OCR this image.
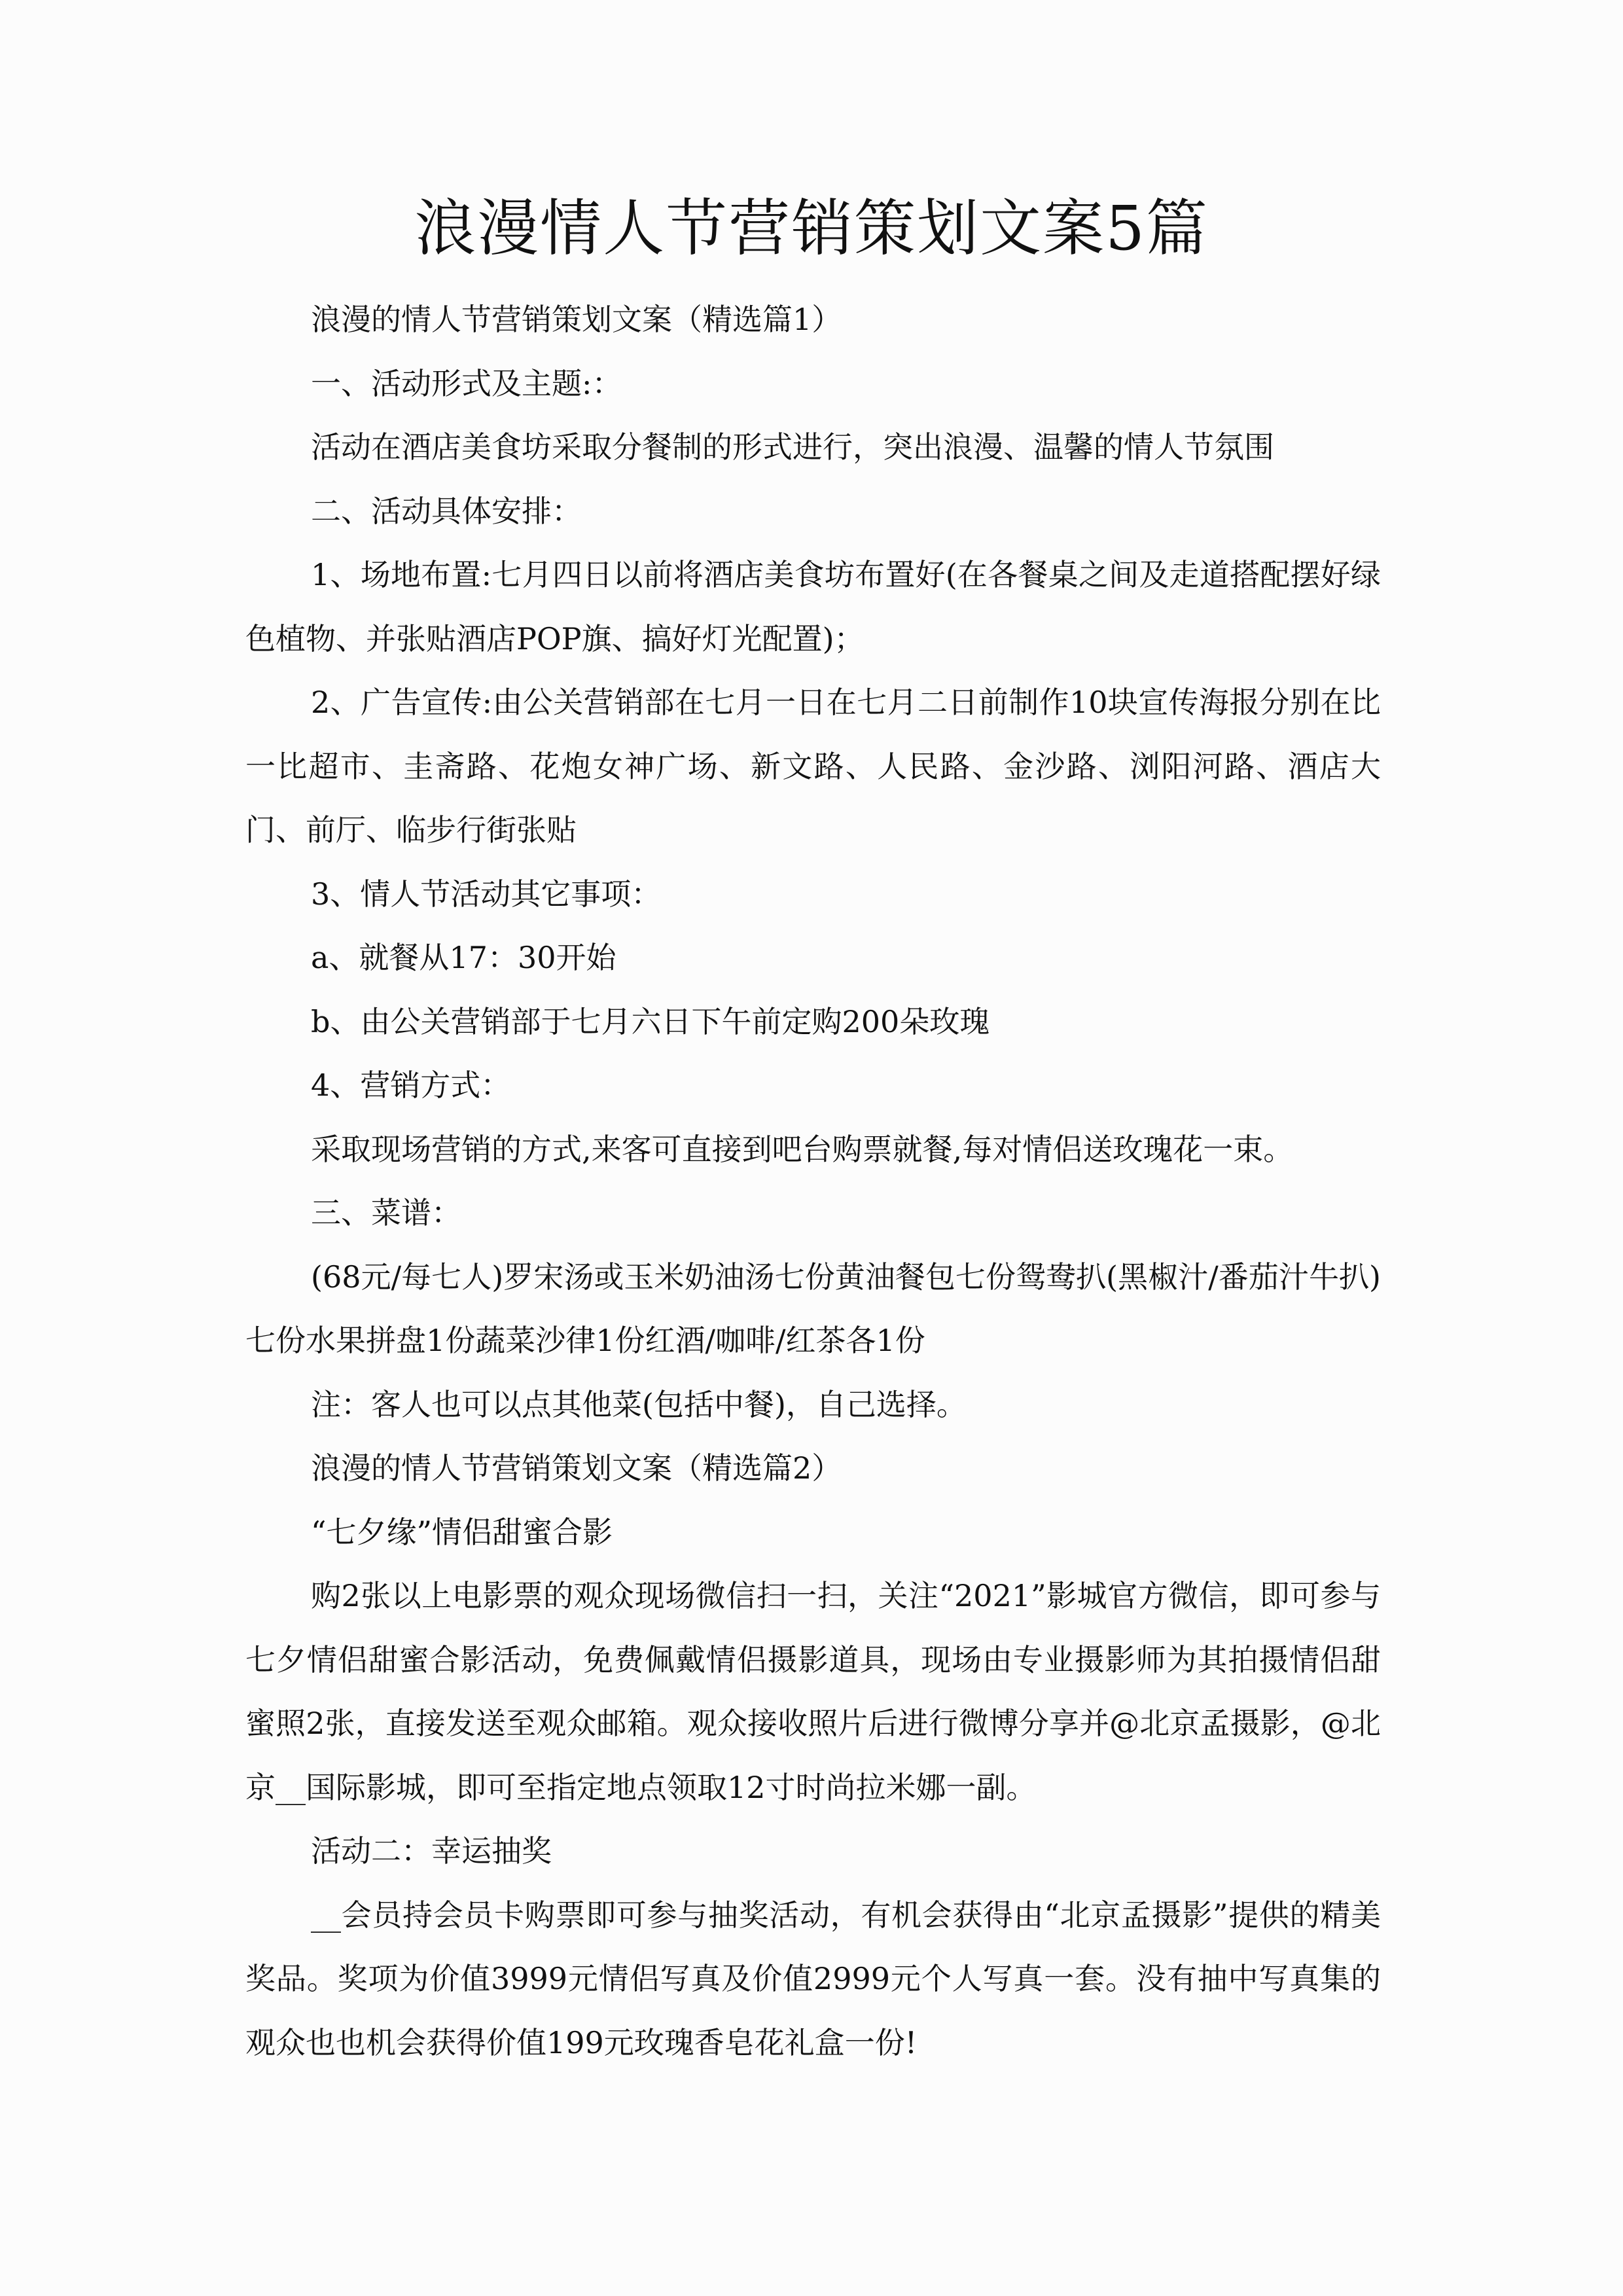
浪漫情人节营销策划文案5篇

浪漫的情人节营销策划文案（精选篇1）

一、活动形式及主题:：

活动在酒店美食坊采取分餐制的形式进行，突出浪漫、温馨的情人节氛围

二、活动具体安排：

1、场地布置:七月四日以前将酒店美食坊布置好(在各餐桌之间及走道搭配摆好绿色植物、并张贴酒店POP旗、搞好灯光配置)；

2、广告宣传:由公关营销部在七月一日在七月二日前制作10块宣传海报分别在比一比超市、圭斋路、花炮女神广场、新文路、人民路、金沙路、浏阳河路、酒店大门、前厅、临步行街张贴

3、情人节活动其它事项：

a、就餐从17：30开始

b、由公关营销部于七月六日下午前定购200朵玫瑰

4、营销方式：

采取现场营销的方式,来客可直接到吧台购票就餐,每对情侣送玫瑰花一束。

三、菜谱：

(68元/每七人)罗宋汤或玉米奶油汤七份黄油餐包七份鸳鸯扒(黑椒汁/番茄汁牛扒)七份水果拼盘1份蔬菜沙律1份红酒/咖啡/红茶各1份

注：客人也可以点其他菜(包括中餐)，自己选择。

浪漫的情人节营销策划文案（精选篇2）

“七夕缘”情侣甜蜜合影

购2张以上电影票的观众现场微信扫一扫，关注“2021”影城官方微信，即可参与七夕情侣甜蜜合影活动，免费佩戴情侣摄影道具，现场由专业摄影师为其拍摄情侣甜蜜照2张，直接发送至观众邮箱。观众接收照片后进行微博分享并@北京孟摄影，@北京__国际影城，即可至指定地点领取12寸时尚拉米娜一副。

活动二：幸运抽奖

__会员持会员卡购票即可参与抽奖活动，有机会获得由“北京孟摄影”提供的精美奖品。奖项为价值3999元情侣写真及价值2999元个人写真一套。没有抽中写真集的观众也也机会获得价值199元玫瑰香皂花礼盒一份!
